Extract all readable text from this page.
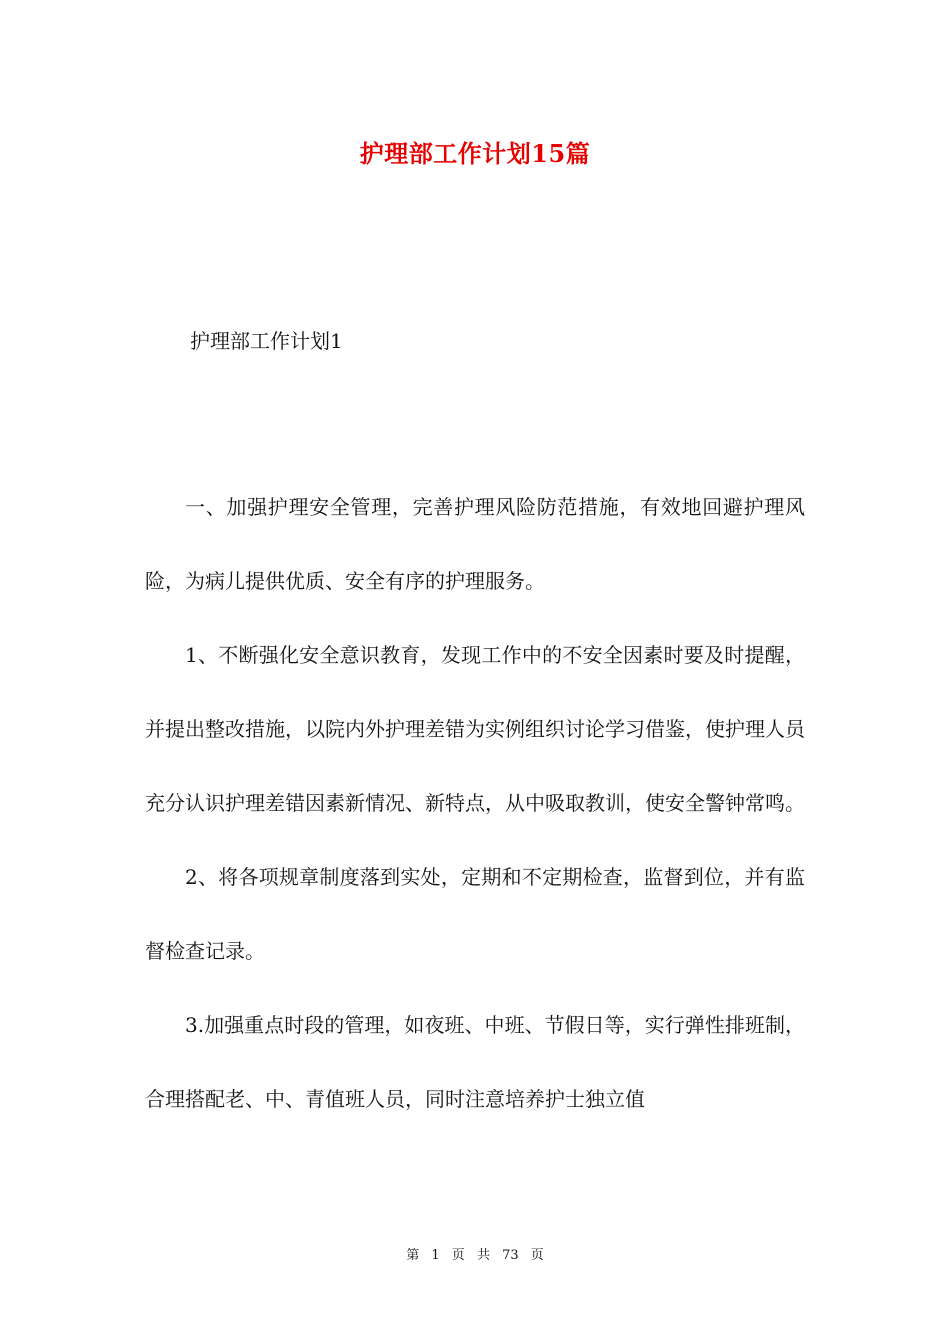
护理部工作计划15篇
护理部工作计划1

一、加强护理安全管理，完善护理风险防范措施，有效地回避护理风险，为病儿提供优质、安全有序的护理服务。

1、不断强化安全意识教育，发现工作中的不安全因素时要及时提醒，并提出整改措施，以院内外护理差错为实例组织讨论学习借鉴，使护理人员充分认识护理差错因素新情况、新特点，从中吸取教训，使安全警钟常鸣。

2、将各项规章制度落到实处，定期和不定期检查，监督到位，并有监督检查记录。

3.加强重点时段的管理，如夜班、中班、节假日等，实行弹性排班制，合理搭配老、中、青值班人员，同时注意培养护士独立值

第 1 页 共 73 页
